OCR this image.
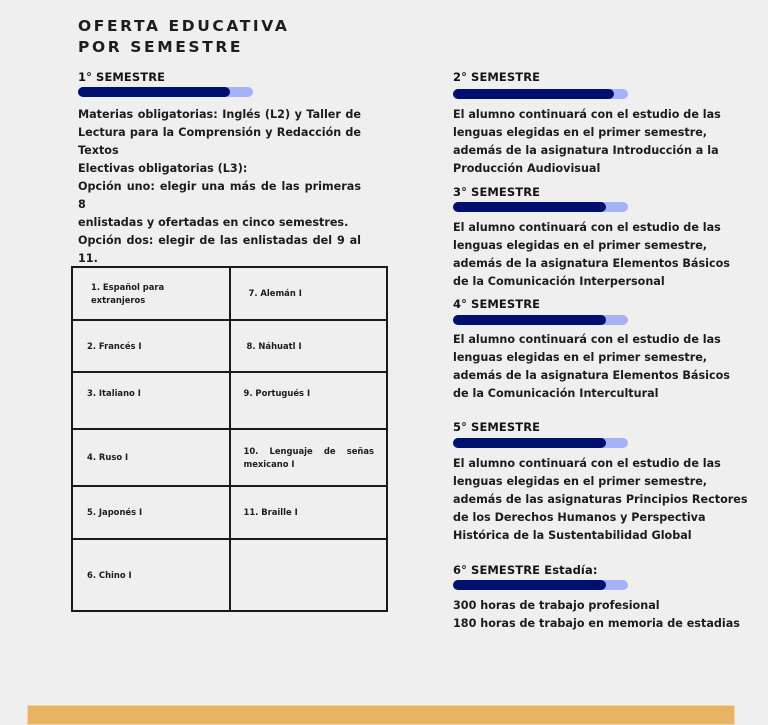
OFERTA EDUCATIVA
POR SEMESTRE
1° SEMESTRE

Materias obligatorias: Inglés (L2) y Taller de

Lectura para la Comprensión y Redacción de

Textos

Electivas obligatorias (L3):

Opción uno: elegir una más de las primeras 8

enlistadas y ofertadas en cinco semestres.

Opción dos: elegir de las enlistadas del 9 al 11.

1. Español para extranjeros	7. Alemán I
2. Francés I	8. Náhuatl I
3. Italiano I	9. Portugués I
4. Ruso I	10. Lenguaje de señas mexicano I
5. Japonés I	11. Braille I
6. Chino I	
2° SEMESTRE

El alumno continuará con el estudio de las

lenguas elegidas en el primer semestre,

además de la asignatura Introducción a la

Producción Audiovisual

3° SEMESTRE

El alumno continuará con el estudio de las

lenguas elegidas en el primer semestre,

además de la asignatura Elementos Básicos

de la Comunicación Interpersonal

4° SEMESTRE

El alumno continuará con el estudio de las

lenguas elegidas en el primer semestre,

además de la asignatura Elementos Básicos

de la Comunicación Intercultural

5° SEMESTRE

El alumno continuará con el estudio de las

lenguas elegidas en el primer semestre,

además de las asignaturas Principios Rectores

de los Derechos Humanos y Perspectiva

Histórica de la Sustentabilidad Global

6° SEMESTRE Estadía:

300 horas de trabajo profesional

180 horas de trabajo en memoria de estadias
